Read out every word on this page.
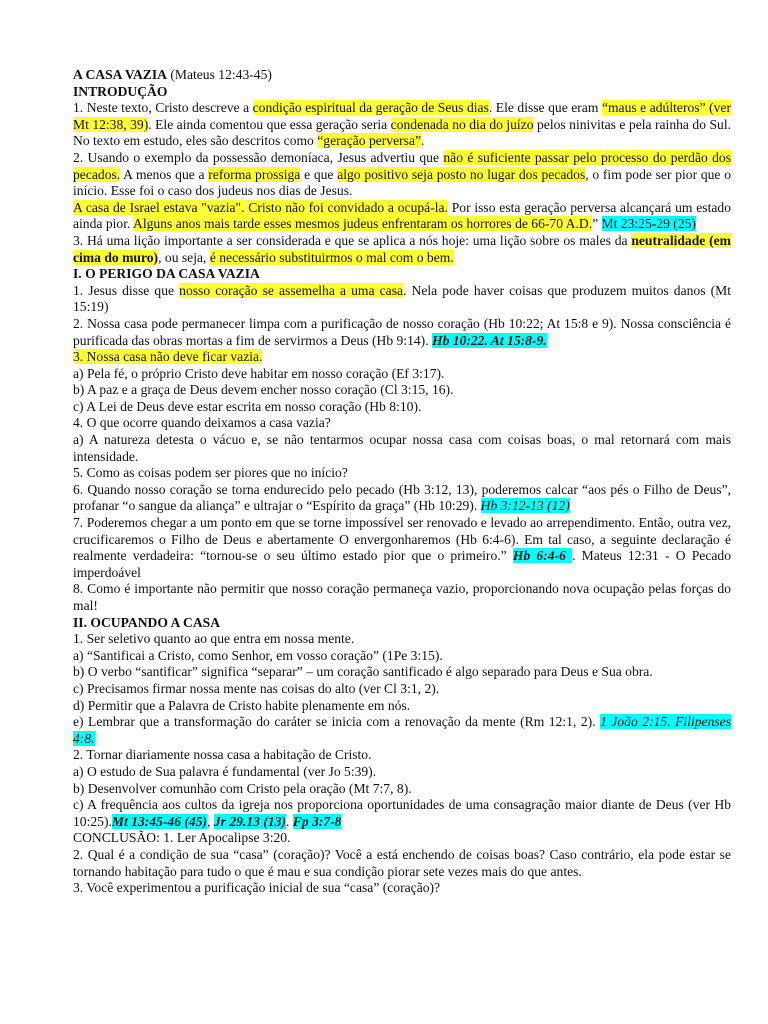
A CASA VAZIA (Mateus 12:43-45)

INTRODUÇÃO

1. Neste texto, Cristo descreve a condição espiritual da geração de Seus dias. Ele disse que eram “maus e adúlteros” (ver Mt 12:38, 39). Ele ainda comentou que essa geração seria condenada no dia do juízo pelos ninivitas e pela rainha do Sul. No texto em estudo, eles são descritos como “geração perversa”.

2. Usando o exemplo da possessão demoníaca, Jesus advertiu que não é suficiente passar pelo processo do perdão dos pecados. A menos que a reforma prossiga e que algo positivo seja posto no lugar dos pecados, o fim pode ser pior que o início. Esse foi o caso dos judeus nos dias de Jesus.

A casa de Israel estava "vazia". Cristo não foi convidado a ocupá-la. Por isso esta geração perversa alcançará um estado ainda pior. Alguns anos mais tarde esses mesmos judeus enfrentaram os horrores de 66-70 A.D.” Mt 23:25-29 (25)

3. Há uma lição importante a ser considerada e que se aplica a nós hoje: uma lição sobre os males da neutralidade (em cima do muro), ou seja, é necessário substituirmos o mal com o bem.

I. O PERIGO DA CASA VAZIA

1. Jesus disse que nosso coração se assemelha a uma casa. Nela pode haver coisas que produzem muitos danos (Mt 15:19)

2. Nossa casa pode permanecer limpa com a purificação de nosso coração (Hb 10:22; At 15:8 e 9). Nossa consciência é purificada das obras mortas a fim de servirmos a Deus (Hb 9:14). Hb 10:22. At 15:8-9.

3. Nossa casa não deve ficar vazia.

a) Pela fé, o próprio Cristo deve habitar em nosso coração (Ef 3:17).

b) A paz e a graça de Deus devem encher nosso coração (Cl 3:15, 16).

c) A Lei de Deus deve estar escrita em nosso coração (Hb 8:10).

4. O que ocorre quando deixamos a casa vazia?

a) A natureza detesta o vácuo e, se não tentarmos ocupar nossa casa com coisas boas, o mal retornará com mais intensidade.

5. Como as coisas podem ser piores que no início?

6. Quando nosso coração se torna endurecido pelo pecado (Hb 3:12, 13), poderemos calcar “aos pés o Filho de Deus”, profanar “o sangue da aliança” e ultrajar o “Espírito da graça” (Hb 10:29). Hb 3:12-13 (12)

7. Poderemos chegar a um ponto em que se torne impossível ser renovado e levado ao arrependimento. Então, outra vez, crucificaremos o Filho de Deus e abertamente O envergonharemos (Hb 6:4-6). Em tal caso, a seguinte declaração é realmente verdadeira: “tornou-se o seu último estado pior que o primeiro.” Hb 6:4-6 . Mateus 12:31 - O Pecado imperdoável

8. Como é importante não permitir que nosso coração permaneça vazio, proporcionando nova ocupação pelas forças do mal!

II. OCUPANDO A CASA

1. Ser seletivo quanto ao que entra em nossa mente.

a) “Santificai a Cristo, como Senhor, em vosso coração” (1Pe 3:15).

b) O verbo “santificar” significa “separar” – um coração santificado é algo separado para Deus e Sua obra.

c) Precisamos firmar nossa mente nas coisas do alto (ver Cl 3:1, 2).

d) Permitir que a Palavra de Cristo habite plenamente em nós.

e) Lembrar que a transformação do caráter se inicia com a renovação da mente (Rm 12:1, 2). 1 João 2:15. Filipenses 4:8.

2. Tornar diariamente nossa casa a habitação de Cristo.

a) O estudo de Sua palavra é fundamental (ver Jo 5:39).

b) Desenvolver comunhão com Cristo pela oração (Mt 7:7, 8).

c) A frequência aos cultos da igreja nos proporciona oportunidades de uma consagração maior diante de Deus (ver Hb 10:25).Mt 13:45-46 (45), Jr 29.13 (13). Fp 3:7-8

CONCLUSÃO: 1. Ler Apocalipse 3:20.

2. Qual é a condição de sua “casa” (coração)? Você a está enchendo de coisas boas? Caso contrário, ela pode estar se tornando habitação para tudo o que é mau e sua condição piorar sete vezes mais do que antes.

3. Você experimentou a purificação inicial de sua “casa” (coração)?
